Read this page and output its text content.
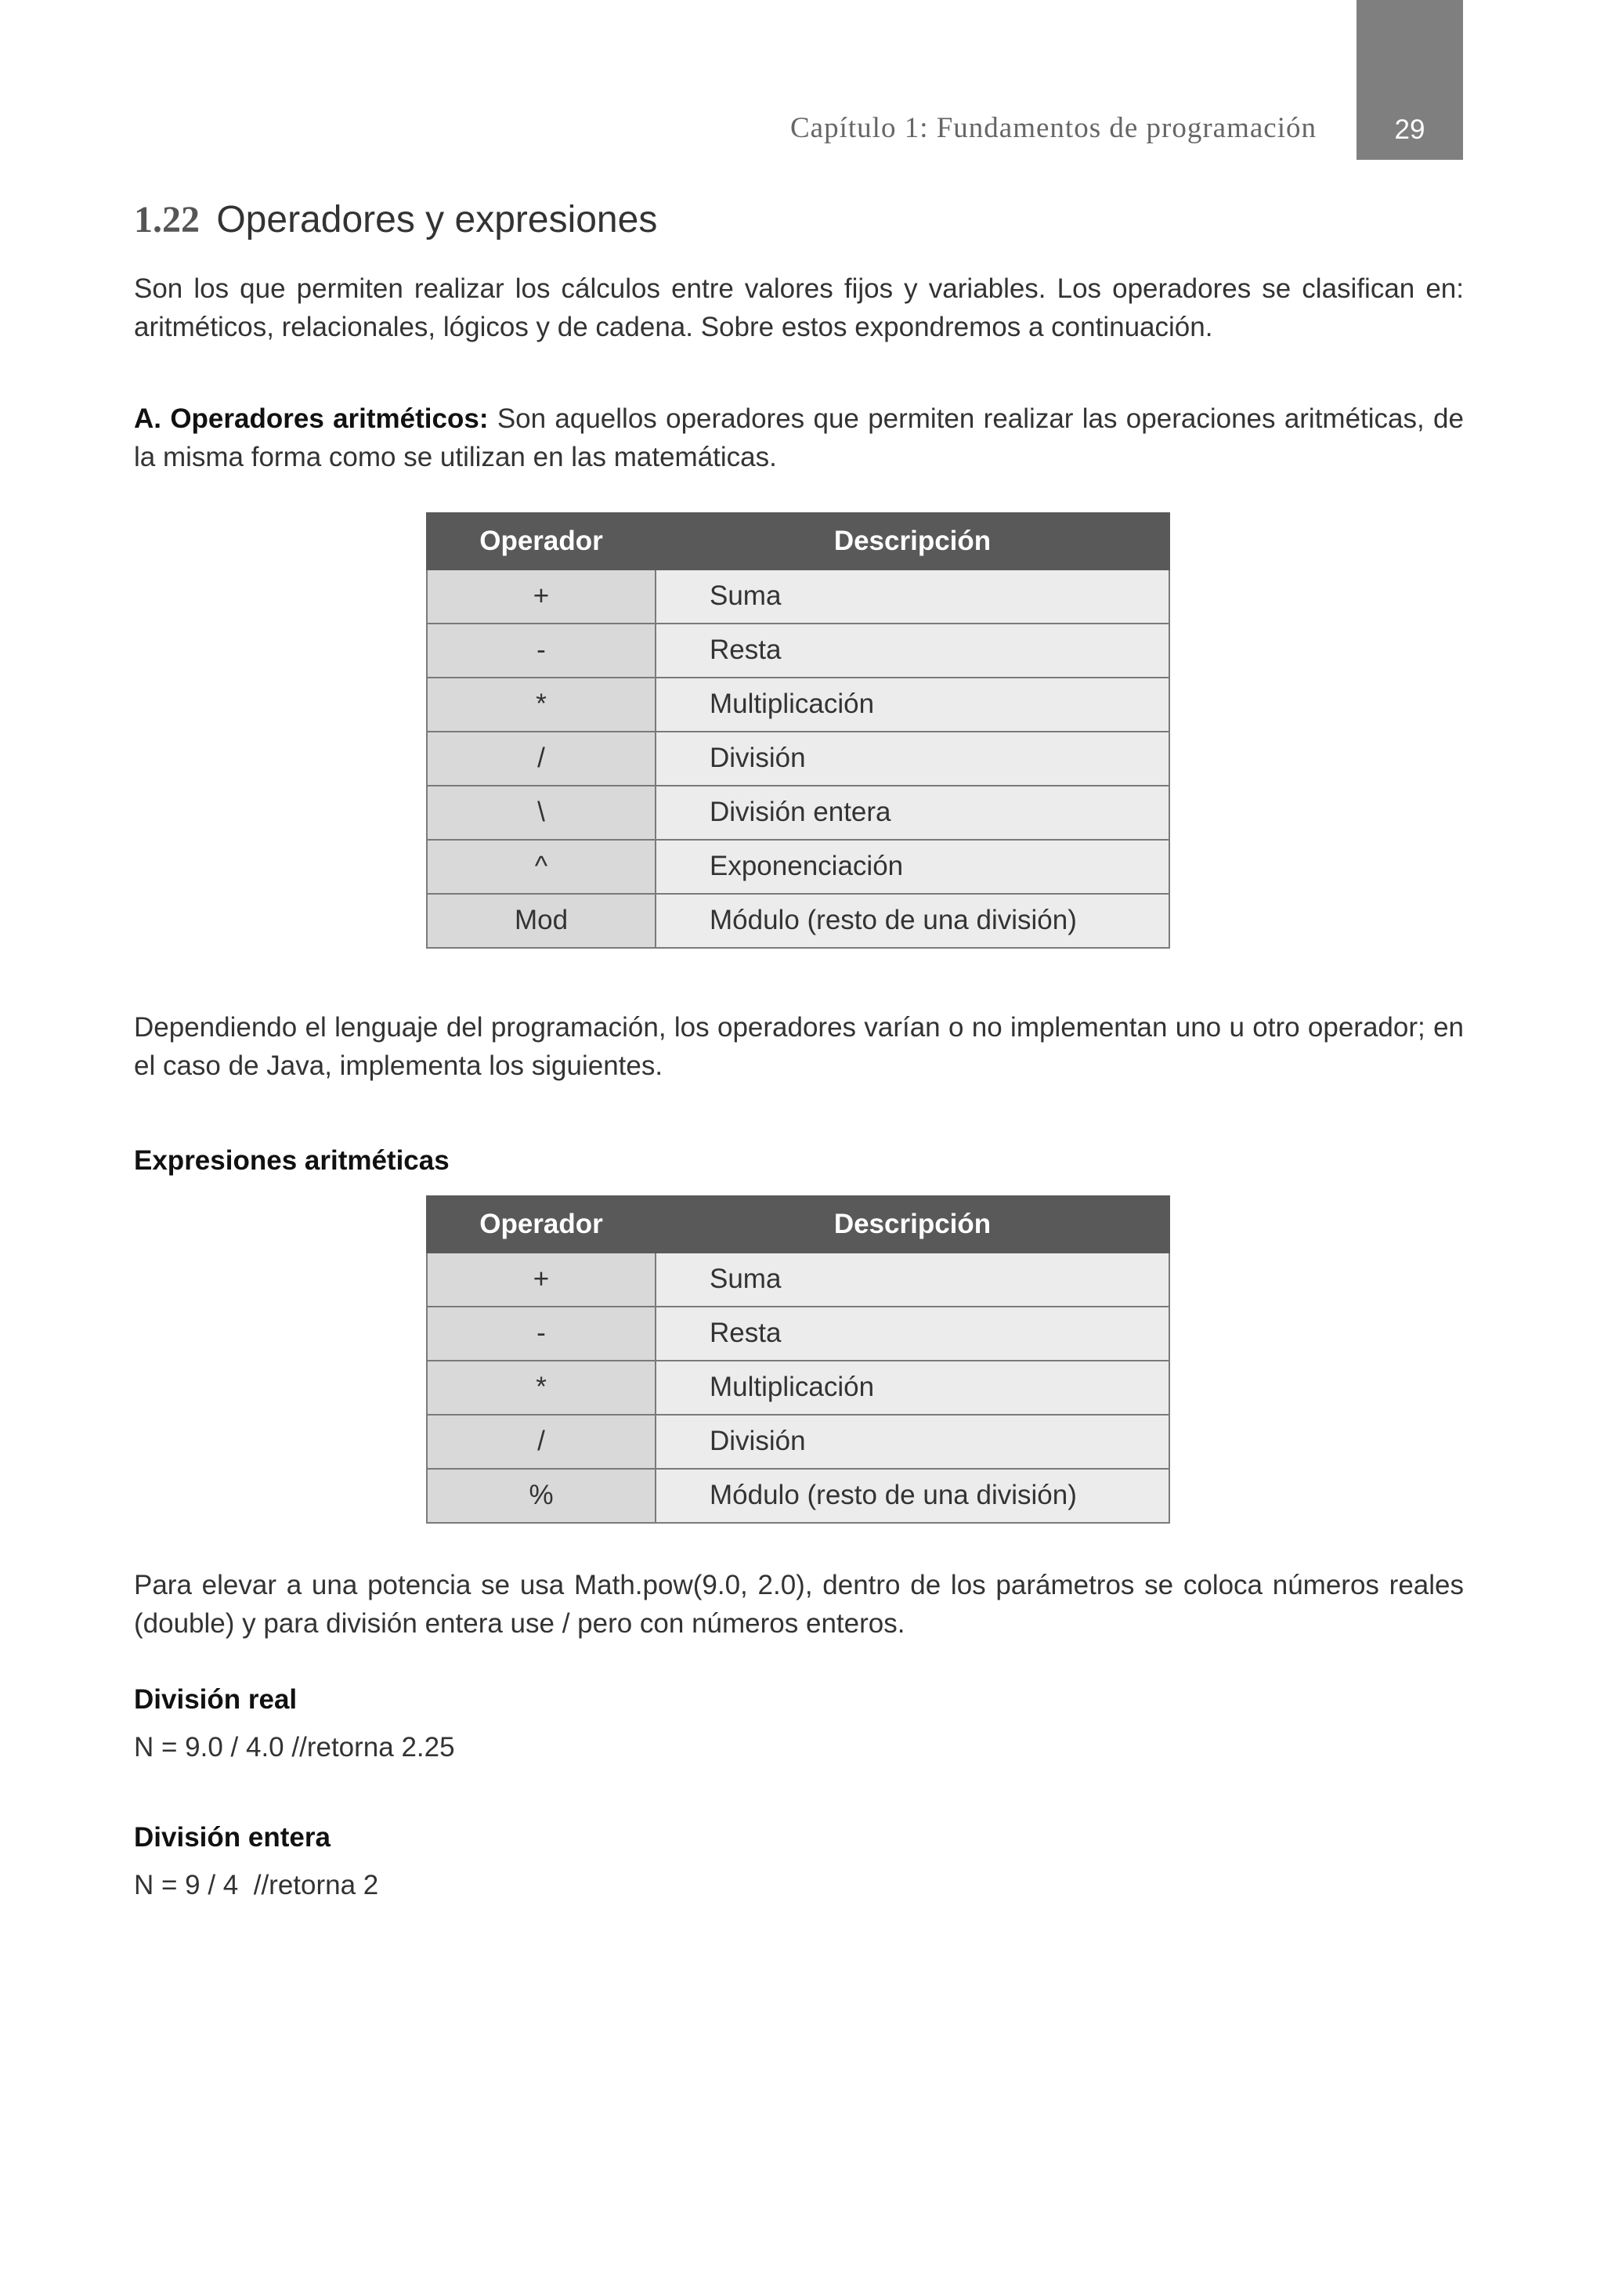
Capítulo 1: Fundamentos de programación	29
1.22 Operadores y expresiones

Son los que permiten realizar los cálculos entre valores fijos y variables. Los operadores se clasifican en: aritméticos, relacionales, lógicos y de cadena. Sobre estos expondremos a continuación.

A. Operadores aritméticos: Son aquellos operadores que permiten realizar las operaciones aritméticas, de la misma forma como se utilizan en las matemáticas.

Operador	Descripción
+	Suma
-	Resta
*	Multiplicación
/	División
\	División entera
^	Exponenciación
Mod	Módulo (resto de una división)

Dependiendo el lenguaje del programación, los operadores varían o no implementan uno u otro operador; en el caso de Java, implementa los siguientes.

Expresiones aritméticas
Operador	Descripción
+	Suma
-	Resta
*	Multiplicación
/	División
%	Módulo (resto de una división)

Para elevar a una potencia se usa Math.pow(9.0, 2.0), dentro de los parámetros se coloca números reales (double) y para división entera use / pero con números enteros.

División real
N = 9.0 / 4.0 //retorna 2.25
División entera
N = 9 / 4  //retorna 2
